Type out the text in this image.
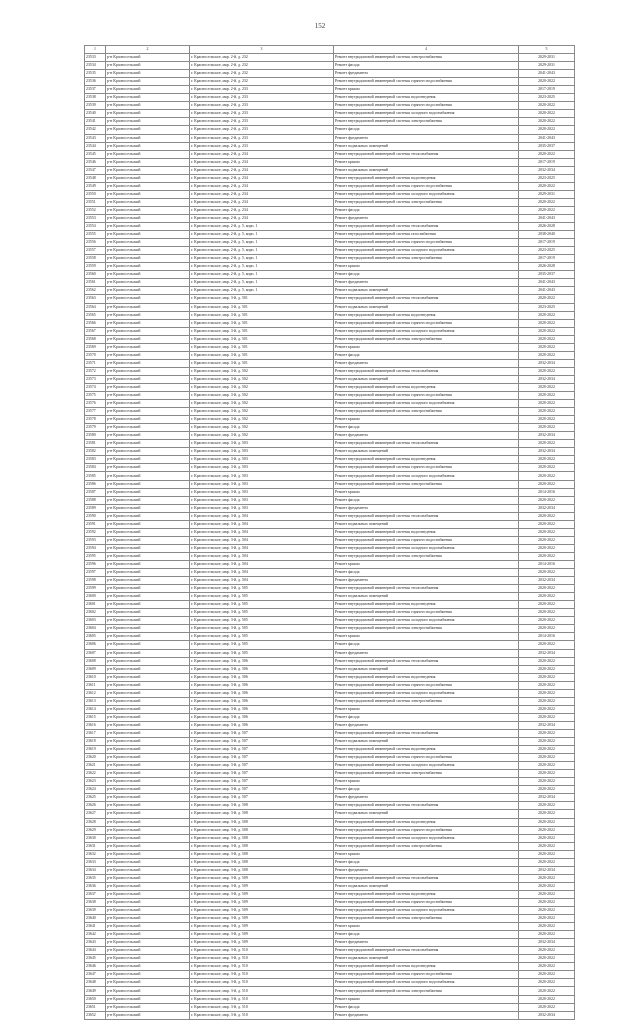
152
1	2	3	4	5
23533	р-н Красносельский	г. Красносельское, мкр. 2-й, д. 232	Ремонт внутридомовой инженерной системы электроснабжения	2029-2031
23534	р-н Красносельский	г. Красносельское, мкр. 2-й, д. 232	Ремонт фасада	2029-2031
23535	р-н Красносельский	г. Красносельское, мкр. 2-й, д. 232	Ремонт фундамента	2041-2043
23536	р-н Красносельский	г. Красносельское, мкр. 2-й, д. 232	Ремонт внутридомовой инженерной системы горячего водоснабжения	2020-2022
23537	р-н Красносельский	г. Красносельское, мкр. 2-й, д. 233	Ремонт крыши	2017-2019
23538	р-н Красносельский	г. Красносельское, мкр. 2-й, д. 233	Ремонт внутридомовой инженерной системы водоотведения	2023-2025
23539	р-н Красносельский	г. Красносельское, мкр. 2-й, д. 233	Ремонт внутридомовой инженерной системы горячего водоснабжения	2020-2022
23540	р-н Красносельский	г. Красносельское, мкр. 2-й, д. 233	Ремонт внутридомовой инженерной системы холодного водоснабжения	2020-2022
23541	р-н Красносельский	г. Красносельское, мкр. 2-й, д. 233	Ремонт внутридомовой инженерной системы электроснабжения	2020-2022
23542	р-н Красносельский	г. Красносельское, мкр. 2-й, д. 233	Ремонт фасада	2020-2022
23543	р-н Красносельский	г. Красносельское, мкр. 2-й, д. 233	Ремонт фундамента	2041-2043
23544	р-н Красносельский	г. Красносельское, мкр. 2-й, д. 233	Ремонт подвальных помещений	2035-2037
23545	р-н Красносельский	г. Красносельское, мкр. 2-й, д. 234	Ремонт внутридомовой инженерной системы теплоснабжения	2020-2022
23546	р-н Красносельский	г. Красносельское, мкр. 2-й, д. 234	Ремонт крыши	2017-2019
23547	р-н Красносельский	г. Красносельское, мкр. 2-й, д. 234	Ремонт подвальных помещений	2032-2034
23548	р-н Красносельский	г. Красносельское, мкр. 2-й, д. 234	Ремонт внутридомовой инженерной системы водоотведения	2023-2025
23549	р-н Красносельский	г. Красносельское, мкр. 2-й, д. 234	Ремонт внутридомовой инженерной системы горячего водоснабжения	2020-2022
23550	р-н Красносельский	г. Красносельское, мкр. 2-й, д. 234	Ремонт внутридомовой инженерной системы холодного водоснабжения	2029-2031
23551	р-н Красносельский	г. Красносельское, мкр. 2-й, д. 234	Ремонт внутридомовой инженерной системы электроснабжения	2020-2022
23552	р-н Красносельский	г. Красносельское, мкр. 2-й, д. 234	Ремонт фасада	2020-2022
23553	р-н Красносельский	г. Красносельское, мкр. 2-й, д. 234	Ремонт фундамента	2041-2043
23554	р-н Красносельский	г. Красносельское, мкр. 2-й, д. 5, корп. 1	Ремонт внутридомовой инженерной системы теплоснабжения	2026-2028
23555	р-н Красносельский	г. Красносельское, мкр. 2-й, д. 5, корп. 1	Ремонт внутридомовой инженерной системы газоснабжения	2038-2040
23556	р-н Красносельский	г. Красносельское, мкр. 2-й, д. 5, корп. 1	Ремонт внутридомовой инженерной системы горячего водоснабжения	2017-2019
23557	р-н Красносельский	г. Красносельское, мкр. 2-й, д. 5, корп. 1	Ремонт внутридомовой инженерной системы холодного водоснабжения	2023-2025
23558	р-н Красносельский	г. Красносельское, мкр. 2-й, д. 5, корп. 1	Ремонт внутридомовой инженерной системы электроснабжения	2017-2019
23559	р-н Красносельский	г. Красносельское, мкр. 2-й, д. 5, корп. 1	Ремонт крыши	2026-2028
23560	р-н Красносельский	г. Красносельское, мкр. 2-й, д. 5, корп. 1	Ремонт фасада	2035-2037
23561	р-н Красносельский	г. Красносельское, мкр. 2-й, д. 5, корп. 1	Ремонт фундамента	2041-2043
23562	р-н Красносельский	г. Красносельское, мкр. 2-й, д. 5, корп. 1	Ремонт подвальных помещений	2041-2043
23563	р-н Красносельский	г. Красносельское, мкр. 3-й, д. 501	Ремонт внутридомовой инженерной системы теплоснабжения	2020-2022
23564	р-н Красносельский	г. Красносельское, мкр. 3-й, д. 501	Ремонт подвальных помещений	2023-2025
23565	р-н Красносельский	г. Красносельское, мкр. 3-й, д. 501	Ремонт внутридомовой инженерной системы водоотведения	2020-2022
23566	р-н Красносельский	г. Красносельское, мкр. 3-й, д. 501	Ремонт внутридомовой инженерной системы горячего водоснабжения	2020-2022
23567	р-н Красносельский	г. Красносельское, мкр. 3-й, д. 501	Ремонт внутридомовой инженерной системы холодного водоснабжения	2020-2022
23568	р-н Красносельский	г. Красносельское, мкр. 3-й, д. 501	Ремонт внутридомовой инженерной системы электроснабжения	2020-2022
23569	р-н Красносельский	г. Красносельское, мкр. 3-й, д. 501	Ремонт крыши	2020-2022
23570	р-н Красносельский	г. Красносельское, мкр. 3-й, д. 501	Ремонт фасада	2020-2022
23571	р-н Красносельский	г. Красносельское, мкр. 3-й, д. 501	Ремонт фундамента	2032-2034
23572	р-н Красносельский	г. Красносельское, мкр. 3-й, д. 502	Ремонт внутридомовой инженерной системы теплоснабжения	2020-2022
23573	р-н Красносельский	г. Красносельское, мкр. 3-й, д. 502	Ремонт подвальных помещений	2032-2034
23574	р-н Красносельский	г. Красносельское, мкр. 3-й, д. 502	Ремонт внутридомовой инженерной системы водоотведения	2020-2022
23575	р-н Красносельский	г. Красносельское, мкр. 3-й, д. 502	Ремонт внутридомовой инженерной системы горячего водоснабжения	2020-2022
23576	р-н Красносельский	г. Красносельское, мкр. 3-й, д. 502	Ремонт внутридомовой инженерной системы холодного водоснабжения	2020-2022
23577	р-н Красносельский	г. Красносельское, мкр. 3-й, д. 502	Ремонт внутридомовой инженерной системы электроснабжения	2020-2022
23578	р-н Красносельский	г. Красносельское, мкр. 3-й, д. 502	Ремонт крыши	2020-2022
23579	р-н Красносельский	г. Красносельское, мкр. 3-й, д. 502	Ремонт фасада	2020-2022
23580	р-н Красносельский	г. Красносельское, мкр. 3-й, д. 502	Ремонт фундамента	2032-2034
23581	р-н Красносельский	г. Красносельское, мкр. 3-й, д. 503	Ремонт внутридомовой инженерной системы теплоснабжения	2020-2022
23582	р-н Красносельский	г. Красносельское, мкр. 3-й, д. 503	Ремонт подвальных помещений	2032-2034
23583	р-н Красносельский	г. Красносельское, мкр. 3-й, д. 503	Ремонт внутридомовой инженерной системы водоотведения	2020-2022
23584	р-н Красносельский	г. Красносельское, мкр. 3-й, д. 503	Ремонт внутридомовой инженерной системы горячего водоснабжения	2020-2022
23585	р-н Красносельский	г. Красносельское, мкр. 3-й, д. 503	Ремонт внутридомовой инженерной системы холодного водоснабжения	2020-2022
23586	р-н Красносельский	г. Красносельское, мкр. 3-й, д. 503	Ремонт внутридомовой инженерной системы электроснабжения	2020-2022
23587	р-н Красносельский	г. Красносельское, мкр. 3-й, д. 503	Ремонт крыши	2014-2016
23588	р-н Красносельский	г. Красносельское, мкр. 3-й, д. 503	Ремонт фасада	2020-2022
23589	р-н Красносельский	г. Красносельское, мкр. 3-й, д. 503	Ремонт фундамента	2032-2034
23590	р-н Красносельский	г. Красносельское, мкр. 3-й, д. 504	Ремонт внутридомовой инженерной системы теплоснабжения	2020-2022
23591	р-н Красносельский	г. Красносельское, мкр. 3-й, д. 504	Ремонт подвальных помещений	2020-2022
23592	р-н Красносельский	г. Красносельское, мкр. 3-й, д. 504	Ремонт внутридомовой инженерной системы водоотведения	2020-2022
23593	р-н Красносельский	г. Красносельское, мкр. 3-й, д. 504	Ремонт внутридомовой инженерной системы горячего водоснабжения	2020-2022
23594	р-н Красносельский	г. Красносельское, мкр. 3-й, д. 504	Ремонт внутридомовой инженерной системы холодного водоснабжения	2020-2022
23595	р-н Красносельский	г. Красносельское, мкр. 3-й, д. 504	Ремонт внутридомовой инженерной системы электроснабжения	2020-2022
23596	р-н Красносельский	г. Красносельское, мкр. 3-й, д. 504	Ремонт крыши	2014-2016
23597	р-н Красносельский	г. Красносельское, мкр. 3-й, д. 504	Ремонт фасада	2020-2022
23598	р-н Красносельский	г. Красносельское, мкр. 3-й, д. 504	Ремонт фундамента	2032-2034
23599	р-н Красносельский	г. Красносельское, мкр. 3-й, д. 505	Ремонт внутридомовой инженерной системы теплоснабжения	2020-2022
23600	р-н Красносельский	г. Красносельское, мкр. 3-й, д. 505	Ремонт подвальных помещений	2020-2022
23601	р-н Красносельский	г. Красносельское, мкр. 3-й, д. 505	Ремонт внутридомовой инженерной системы водоотведения	2020-2022
23602	р-н Красносельский	г. Красносельское, мкр. 3-й, д. 505	Ремонт внутридомовой инженерной системы горячего водоснабжения	2020-2022
23603	р-н Красносельский	г. Красносельское, мкр. 3-й, д. 505	Ремонт внутридомовой инженерной системы холодного водоснабжения	2020-2022
23604	р-н Красносельский	г. Красносельское, мкр. 3-й, д. 505	Ремонт внутридомовой инженерной системы электроснабжения	2020-2022
23605	р-н Красносельский	г. Красносельское, мкр. 3-й, д. 505	Ремонт крыши	2014-2016
23606	р-н Красносельский	г. Красносельское, мкр. 3-й, д. 505	Ремонт фасада	2020-2022
23607	р-н Красносельский	г. Красносельское, мкр. 3-й, д. 505	Ремонт фундамента	2032-2034
23608	р-н Красносельский	г. Красносельское, мкр. 3-й, д. 506	Ремонт внутридомовой инженерной системы теплоснабжения	2020-2022
23609	р-н Красносельский	г. Красносельское, мкр. 3-й, д. 506	Ремонт подвальных помещений	2020-2022
23610	р-н Красносельский	г. Красносельское, мкр. 3-й, д. 506	Ремонт внутридомовой инженерной системы водоотведения	2020-2022
23611	р-н Красносельский	г. Красносельское, мкр. 3-й, д. 506	Ремонт внутридомовой инженерной системы горячего водоснабжения	2020-2022
23612	р-н Красносельский	г. Красносельское, мкр. 3-й, д. 506	Ремонт внутридомовой инженерной системы холодного водоснабжения	2020-2022
23613	р-н Красносельский	г. Красносельское, мкр. 3-й, д. 506	Ремонт внутридомовой инженерной системы электроснабжения	2020-2022
23614	р-н Красносельский	г. Красносельское, мкр. 3-й, д. 506	Ремонт крыши	2020-2022
23615	р-н Красносельский	г. Красносельское, мкр. 3-й, д. 506	Ремонт фасада	2020-2022
23616	р-н Красносельский	г. Красносельское, мкр. 3-й, д. 506	Ремонт фундамента	2032-2034
23617	р-н Красносельский	г. Красносельское, мкр. 3-й, д. 507	Ремонт внутридомовой инженерной системы теплоснабжения	2020-2022
23618	р-н Красносельский	г. Красносельское, мкр. 3-й, д. 507	Ремонт подвальных помещений	2020-2022
23619	р-н Красносельский	г. Красносельское, мкр. 3-й, д. 507	Ремонт внутридомовой инженерной системы водоотведения	2020-2022
23620	р-н Красносельский	г. Красносельское, мкр. 3-й, д. 507	Ремонт внутридомовой инженерной системы горячего водоснабжения	2020-2022
23621	р-н Красносельский	г. Красносельское, мкр. 3-й, д. 507	Ремонт внутридомовой инженерной системы холодного водоснабжения	2020-2022
23622	р-н Красносельский	г. Красносельское, мкр. 3-й, д. 507	Ремонт внутридомовой инженерной системы электроснабжения	2020-2022
23623	р-н Красносельский	г. Красносельское, мкр. 3-й, д. 507	Ремонт крыши	2020-2022
23624	р-н Красносельский	г. Красносельское, мкр. 3-й, д. 507	Ремонт фасада	2020-2022
23625	р-н Красносельский	г. Красносельское, мкр. 3-й, д. 507	Ремонт фундамента	2032-2034
23626	р-н Красносельский	г. Красносельское, мкр. 3-й, д. 508	Ремонт внутридомовой инженерной системы теплоснабжения	2020-2022
23627	р-н Красносельский	г. Красносельское, мкр. 3-й, д. 508	Ремонт подвальных помещений	2020-2022
23628	р-н Красносельский	г. Красносельское, мкр. 3-й, д. 508	Ремонт внутридомовой инженерной системы водоотведения	2020-2022
23629	р-н Красносельский	г. Красносельское, мкр. 3-й, д. 508	Ремонт внутридомовой инженерной системы горячего водоснабжения	2020-2022
23630	р-н Красносельский	г. Красносельское, мкр. 3-й, д. 508	Ремонт внутридомовой инженерной системы холодного водоснабжения	2020-2022
23631	р-н Красносельский	г. Красносельское, мкр. 3-й, д. 508	Ремонт внутридомовой инженерной системы электроснабжения	2020-2022
23632	р-н Красносельский	г. Красносельское, мкр. 3-й, д. 508	Ремонт крыши	2020-2022
23633	р-н Красносельский	г. Красносельское, мкр. 3-й, д. 508	Ремонт фасада	2020-2022
23634	р-н Красносельский	г. Красносельское, мкр. 3-й, д. 508	Ремонт фундамента	2032-2034
23635	р-н Красносельский	г. Красносельское, мкр. 3-й, д. 509	Ремонт внутридомовой инженерной системы теплоснабжения	2020-2022
23636	р-н Красносельский	г. Красносельское, мкр. 3-й, д. 509	Ремонт подвальных помещений	2020-2022
23637	р-н Красносельский	г. Красносельское, мкр. 3-й, д. 509	Ремонт внутридомовой инженерной системы водоотведения	2020-2022
23638	р-н Красносельский	г. Красносельское, мкр. 3-й, д. 509	Ремонт внутридомовой инженерной системы горячего водоснабжения	2020-2022
23639	р-н Красносельский	г. Красносельское, мкр. 3-й, д. 509	Ремонт внутридомовой инженерной системы холодного водоснабжения	2020-2022
23640	р-н Красносельский	г. Красносельское, мкр. 3-й, д. 509	Ремонт внутридомовой инженерной системы электроснабжения	2020-2022
23641	р-н Красносельский	г. Красносельское, мкр. 3-й, д. 509	Ремонт крыши	2020-2022
23642	р-н Красносельский	г. Красносельское, мкр. 3-й, д. 509	Ремонт фасада	2020-2022
23643	р-н Красносельский	г. Красносельское, мкр. 3-й, д. 509	Ремонт фундамента	2032-2034
23644	р-н Красносельский	г. Красносельское, мкр. 3-й, д. 510	Ремонт внутридомовой инженерной системы теплоснабжения	2020-2022
23645	р-н Красносельский	г. Красносельское, мкр. 3-й, д. 510	Ремонт подвальных помещений	2020-2022
23646	р-н Красносельский	г. Красносельское, мкр. 3-й, д. 510	Ремонт внутридомовой инженерной системы водоотведения	2020-2022
23647	р-н Красносельский	г. Красносельское, мкр. 3-й, д. 510	Ремонт внутридомовой инженерной системы горячего водоснабжения	2020-2022
23648	р-н Красносельский	г. Красносельское, мкр. 3-й, д. 510	Ремонт внутридомовой инженерной системы холодного водоснабжения	2020-2022
23649	р-н Красносельский	г. Красносельское, мкр. 3-й, д. 510	Ремонт внутридомовой инженерной системы электроснабжения	2020-2022
23650	р-н Красносельский	г. Красносельское, мкр. 3-й, д. 510	Ремонт крыши	2020-2022
23651	р-н Красносельский	г. Красносельское, мкр. 3-й, д. 510	Ремонт фасада	2020-2022
23652	р-н Красносельский	г. Красносельское, мкр. 3-й, д. 510	Ремонт фундамента	2032-2034
